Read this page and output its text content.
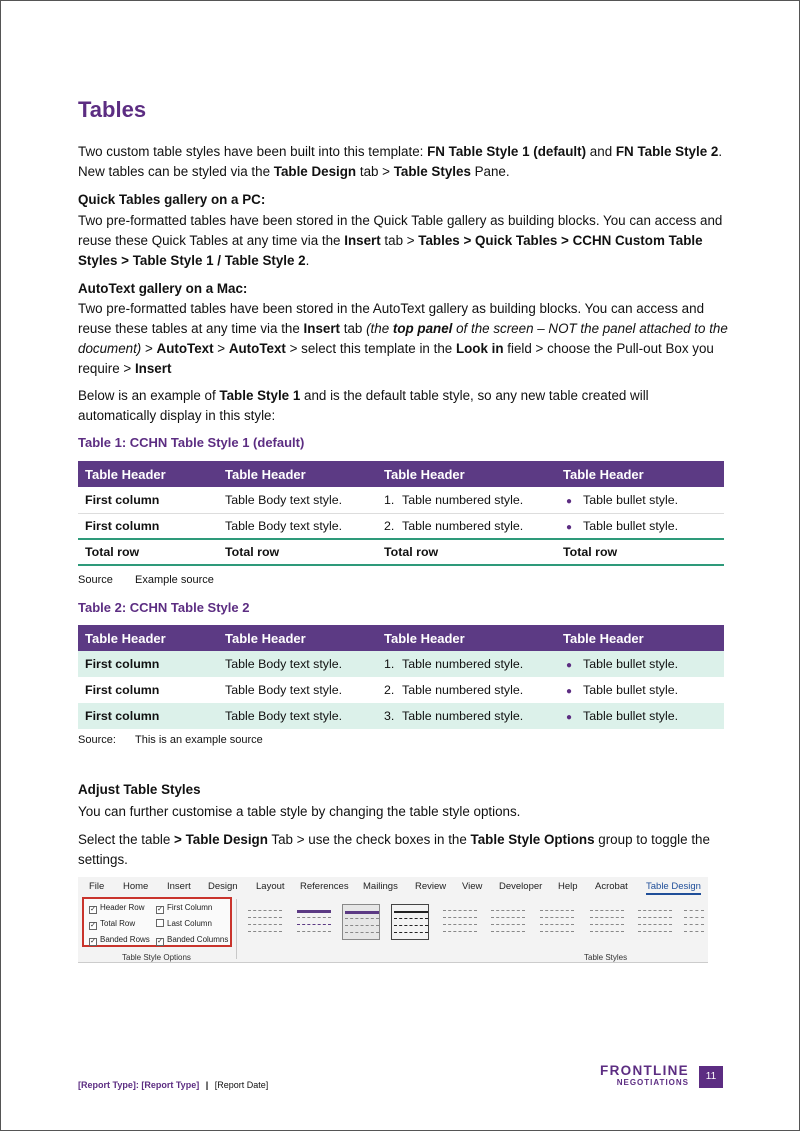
Tables

Two custom table styles have been built into this template: FN Table Style 1 (default) and FN Table Style 2. New tables can be styled via the Table Design tab > Table Styles Pane.

Quick Tables gallery on a PC:

Two pre-formatted tables have been stored in the Quick Table gallery as building blocks. You can access and reuse these Quick Tables at any time via the Insert tab > Tables > Quick Tables > CCHN Custom Table Styles > Table Style 1 / Table Style 2.

AutoText gallery on a Mac:

Two pre-formatted tables have been stored in the AutoText gallery as building blocks. You can access and reuse these tables at any time via the Insert tab (the top panel of the screen – NOT the panel attached to the document) > AutoText > AutoText > select this template in the Look in field > choose the Pull-out Box you require > Insert

Below is an example of Table Style 1 and is the default table style, so any new table created will automatically display in this style:

Table 1: CCHN Table Style 1 (default)
Table Header	Table Header	Table Header	Table Header
First column	Table Body text style.	1. Table numbered style.	● Table bullet style.
First column	Table Body text style.	2. Table numbered style.	● Table bullet style.
Total row	Total row	Total row	Total row
Source Example source
Table 2: CCHN Table Style 2
Table Header	Table Header	Table Header	Table Header
First column	Table Body text style.	1. Table numbered style.	● Table bullet style.
First column	Table Body text style.	2. Table numbered style.	● Table bullet style.
First column	Table Body text style.	3. Table numbered style.	● Table bullet style.
Source: This is an example source

Adjust Table Styles

You can further customise a table style by changing the table style options.

Select the table > Table Design Tab > use the check boxes in the Table Style Options group to toggle the settings.

File Home Insert Design Layout References Mailings Review View Developer Help Acrobat Table Design
✓ Header Row ✓ First Column
✓ Total Row	Last Column
✓ Banded Rows ✓ Banded Columns
Table Style Options	Table Styles
[Report Type]: [Report Type] | [Report Date]
FRONTLINE
NEGOTIATIONS
11
